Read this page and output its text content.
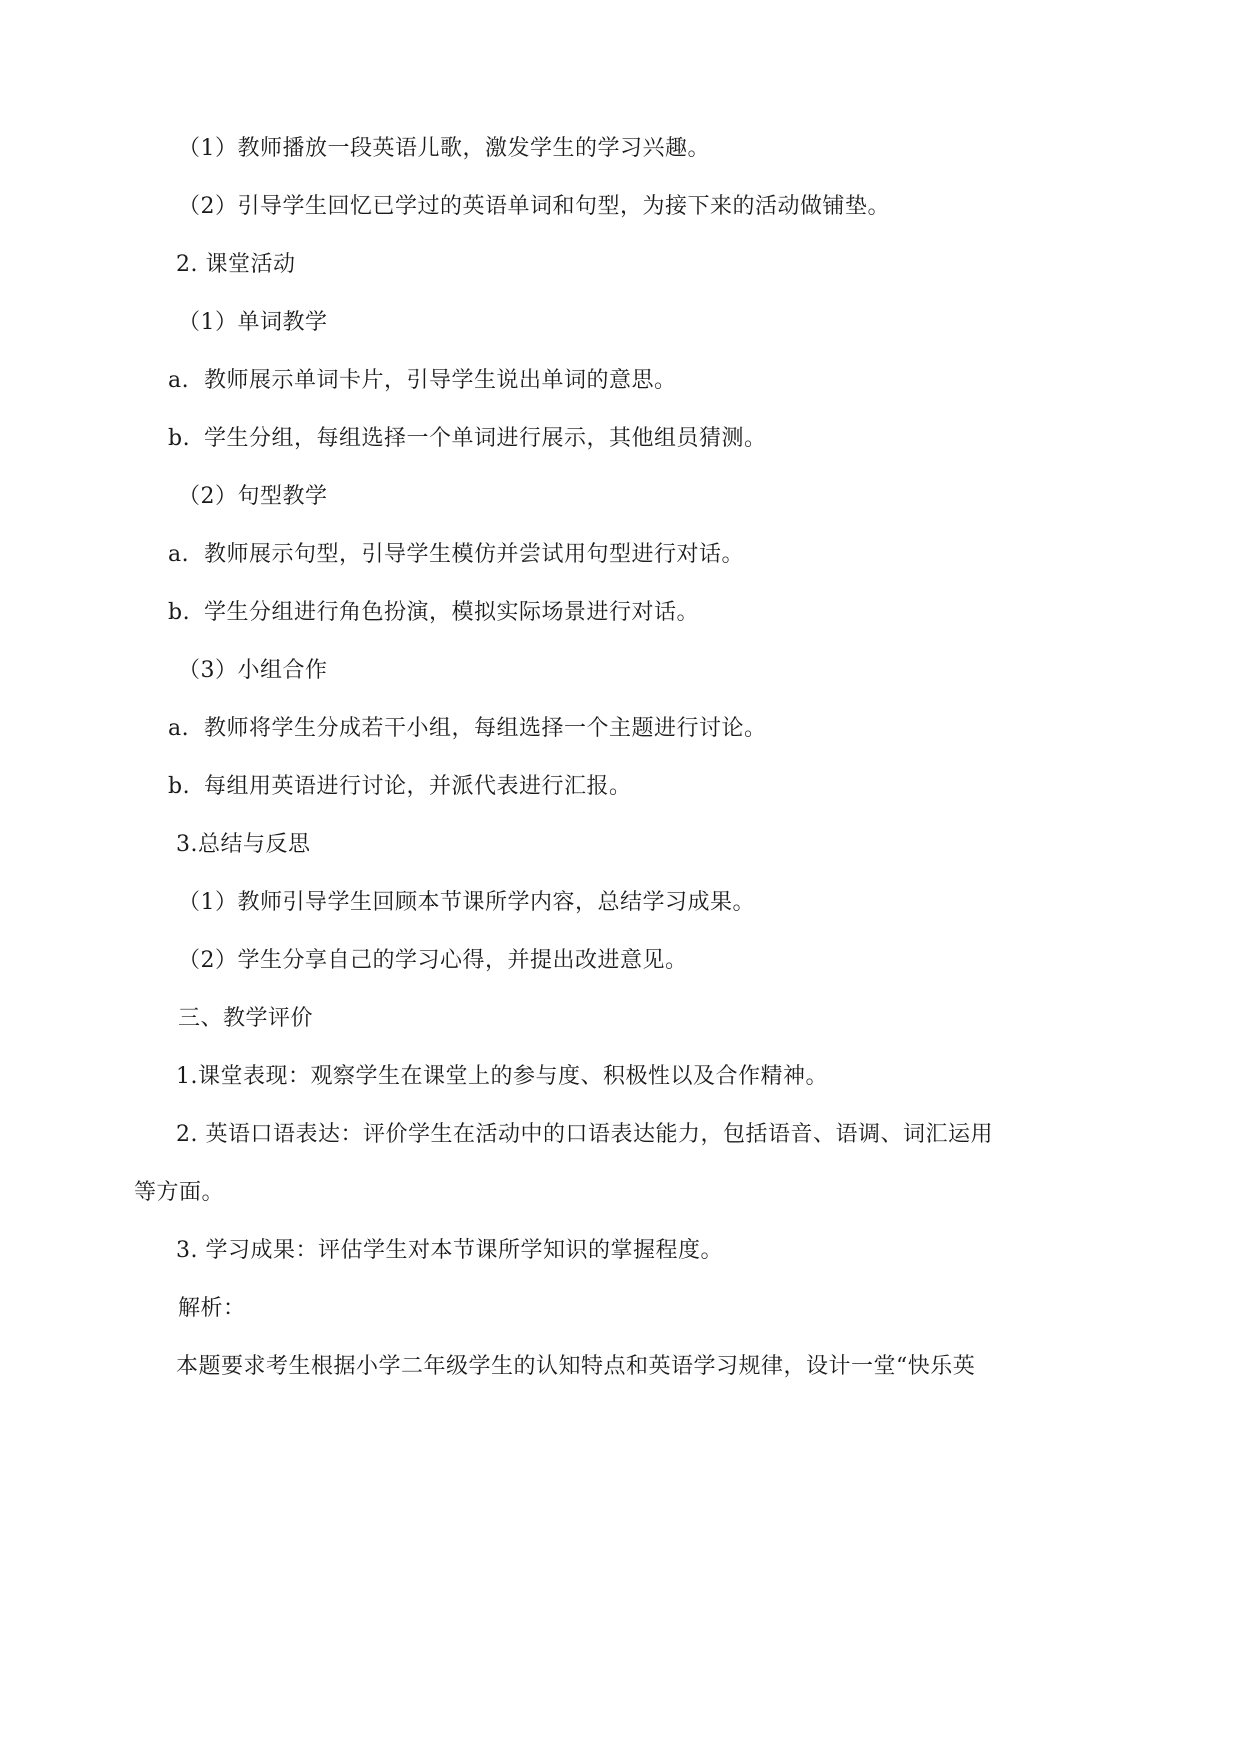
（1）教师播放一段英语儿歌，激发学生的学习兴趣。
（2）引导学生回忆已学过的英语单词和句型，为接下来的活动做铺垫。
2. 课堂活动
（1）单词教学
a. 教师展示单词卡片，引导学生说出单词的意思。
b. 学生分组，每组选择一个单词进行展示，其他组员猜测。
（2）句型教学
a. 教师展示句型，引导学生模仿并尝试用句型进行对话。
b. 学生分组进行角色扮演，模拟实际场景进行对话。
（3）小组合作
a. 教师将学生分成若干小组，每组选择一个主题进行讨论。
b. 每组用英语进行讨论，并派代表进行汇报。
3.总结与反思
（1）教师引导学生回顾本节课所学内容，总结学习成果。
（2）学生分享自己的学习心得，并提出改进意见。
三、教学评价
1.课堂表现：观察学生在课堂上的参与度、积极性以及合作精神。
2. 英语口语表达：评价学生在活动中的口语表达能力，包括语音、语调、词汇运用
等方面。
3. 学习成果：评估学生对本节课所学知识的掌握程度。
解析：
本题要求考生根据小学二年级学生的认知特点和英语学习规律，设计一堂“快乐英
